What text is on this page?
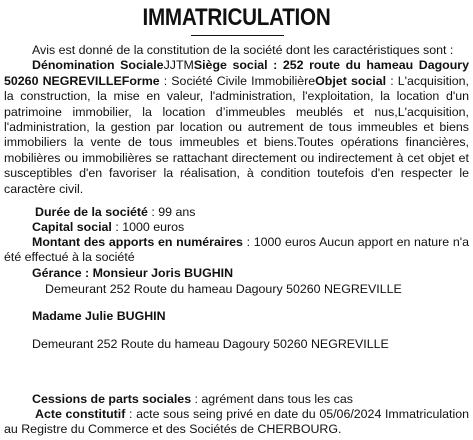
IMMATRICULATION
Avis est donné de la constitution de la société dont les caractéristiques sont :
Dénomination SocialeJJTMSiège social : 252 route du hameau Dagoury 50260 NEGREVILLEForme : Société Civile ImmobilièreObjet social : L'acquisition, la construction, la mise en valeur, l'administration, l'exploitation, la location d'un patrimoine immobilier, la location d’immeubles meublés et nus,L'acquisition, l'administration, la gestion par location ou autrement de tous immeubles et biens immobiliers la vente de tous immeubles et biens.Toutes opérations financières, mobilières ou immobilières se rattachant directement ou indirectement à cet objet et susceptibles d'en favoriser la réalisation, à condition toutefois d'en respecter le caractère civil.
Durée de la société : 99 ans
Capital social : 1000 euros
Montant des apports en numéraires : 1000 euros Aucun apport en nature n'a été effectué à la société
Gérance : Monsieur Joris BUGHIN
Demeurant 252 Route du hameau Dagoury 50260 NEGREVILLE
Madame Julie BUGHIN
Demeurant 252 Route du hameau Dagoury 50260 NEGREVILLE
Cessions de parts sociales : agrément dans tous les cas
Acte constitutif : acte sous seing privé en date du 05/06/2024 Immatriculation au Registre du Commerce et des Sociétés de CHERBOURG.
